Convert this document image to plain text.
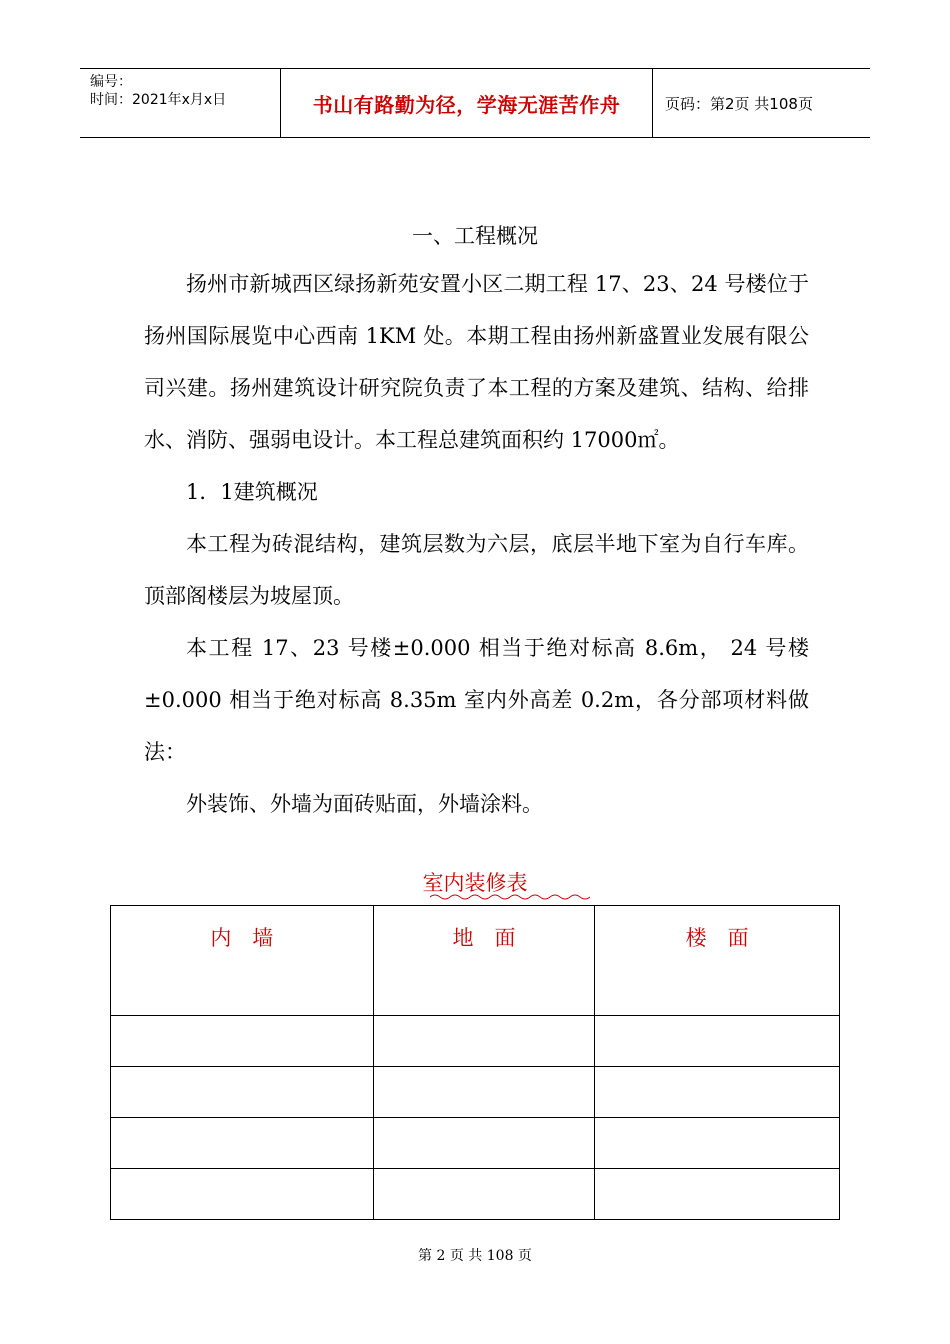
编号：
时间：2021年x月x日	书山有路勤为径，学海无涯苦作舟	页码：第2页 共108页
一、工程概况
扬州市新城西区绿扬新苑安置小区二期工程 17、23、24 号楼位于扬州国际展览中心西南 1KM 处。本期工程由扬州新盛置业发展有限公司兴建。扬州建筑设计研究院负责了本工程的方案及建筑、结构、给排水、消防、强弱电设计。本工程总建筑面积约 17000㎡。
1．1建筑概况
本工程为砖混结构，建筑层数为六层，底层半地下室为自行车库。顶部阁楼层为坡屋顶。
本工程 17、23 号楼±0.000 相当于绝对标高 8.6m， 24 号楼±0.000 相当于绝对标高 8.35m 室内外高差 0.2m，各分部项材料做法：
外装饰、外墙为面砖贴面，外墙涂料。
室内装修表
内　墙	地　面	楼　面

第 2 页 共 108 页
